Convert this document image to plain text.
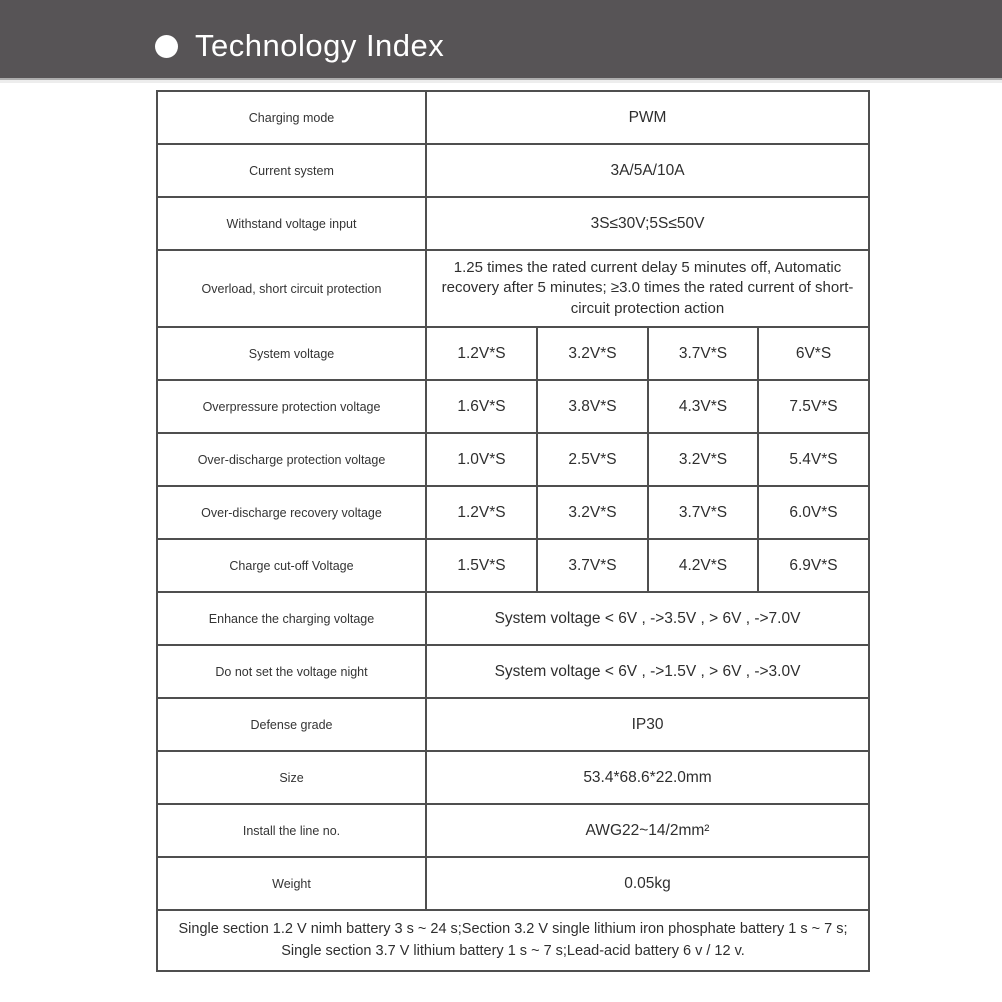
Technology Index
Charging mode	PWM			
Current system	3A/5A/10A			
Withstand voltage input	3S≤30V;5S≤50V			
Overload, short circuit protection	1.25 times the rated current delay 5 minutes off, Automatic recovery after 5 minutes; ≥3.0 times the rated current of short-circuit protection action			
System voltage	1.2V*S	3.2V*S	3.7V*S	6V*S
Overpressure protection voltage	1.6V*S	3.8V*S	4.3V*S	7.5V*S
Over-discharge protection voltage	1.0V*S	2.5V*S	3.2V*S	5.4V*S
Over-discharge recovery voltage	1.2V*S	3.2V*S	3.7V*S	6.0V*S
Charge cut-off Voltage	1.5V*S	3.7V*S	4.2V*S	6.9V*S
Enhance the charging voltage	System voltage < 6V , ->3.5V , > 6V , ->7.0V			
Do not set the voltage night	System voltage < 6V , ->1.5V , > 6V , ->3.0V			
Defense grade	IP30			
Size	53.4*68.6*22.0mm			
Install the line no.	AWG22~14/2mm²			
Weight	0.05kg			

Single section 1.2 V nimh battery 3 s ~ 24 s;Section 3.2 V single lithium iron phosphate battery 1 s ~ 7 s;
Single section 3.7 V lithium battery 1 s ~ 7 s;Lead-acid battery 6 v / 12 v.				
